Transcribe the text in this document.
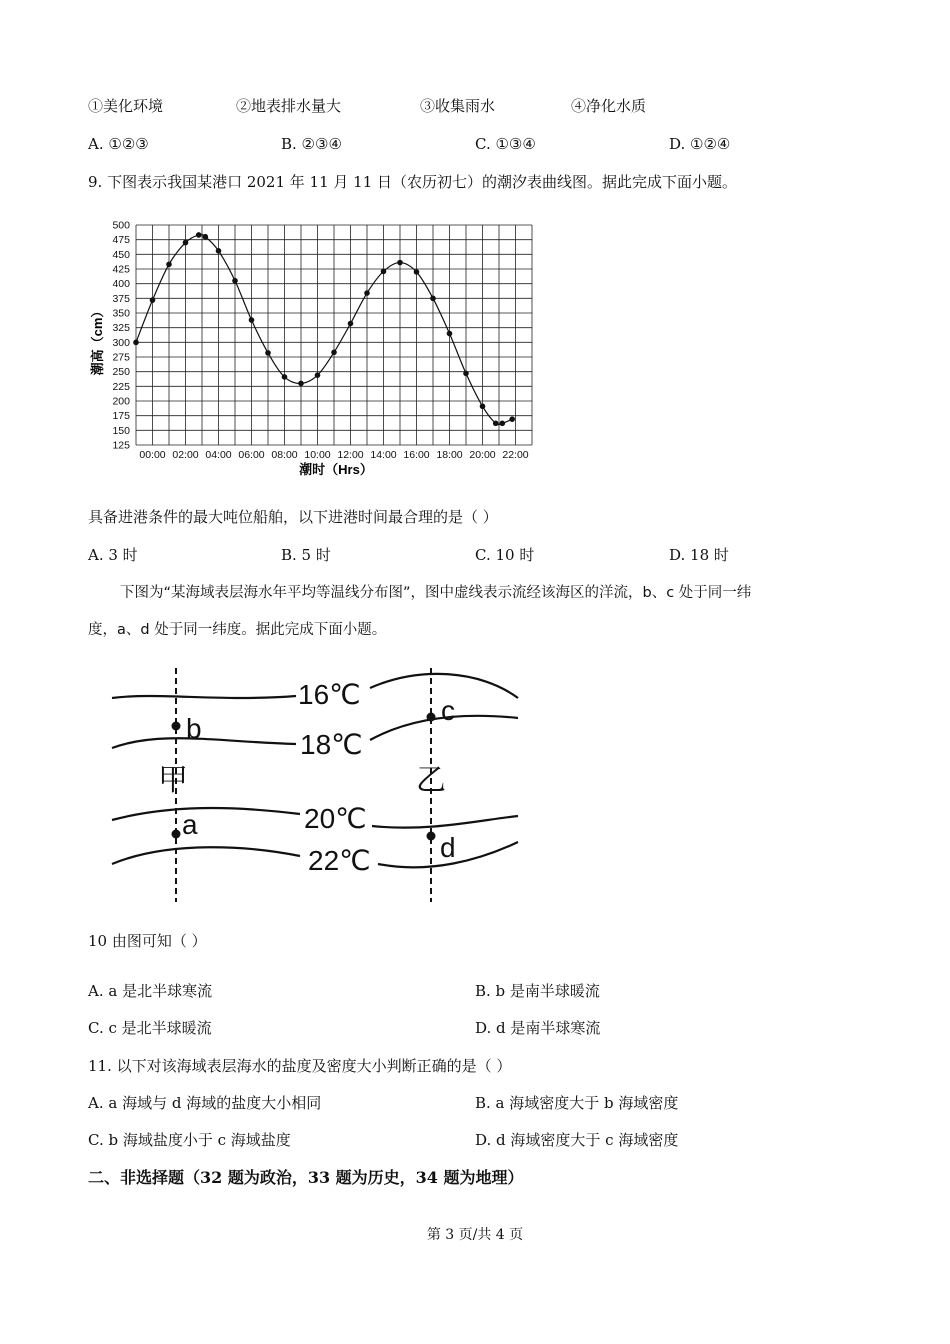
①美化环境	②地表排水量大	③收集雨水	④净化水质
A. ①②③	B. ②③④	C. ①③④	D. ①②④
9. 下图表示我国某港口 2021 年 11 月 11 日（农历初七）的潮汐表曲线图。据此完成下面小题。
125
150
175
200
225
250
275
300
325
350
375
400
425
450
475
500
00:00 02:00 04:00 06:00 08:00 10:00 12:00 14:00 16:00 18:00 20:00 22:00
潮高（cm）
潮时（Hrs）
具备进港条件的最大吨位船舶，以下进港时间最合理的是（ ）
A. 3 时	B. 5 时	C. 10 时	D. 18 时
下图为“某海域表层海水年平均等温线分布图”，图中虚线表示流经该海区的洋流，b、c 处于同一纬
度，a、d 处于同一纬度。据此完成下面小题。
16℃
18℃
20℃
22℃
b
c
a
d
甲	乙
10 由图可知（ ）
A. a 是北半球寒流	B. b 是南半球暖流
C. c 是北半球暖流	D. d 是南半球寒流
11. 以下对该海域表层海水的盐度及密度大小判断正确的是（ ）
A. a 海域与 d 海域的盐度大小相同	B. a 海域密度大于 b 海域密度
C. b 海域盐度小于 c 海域盐度	D. d 海域密度大于 c 海域密度
二、非选择题（32 题为政治，33 题为历史，34 题为地理）
第 3 页/共 4 页
